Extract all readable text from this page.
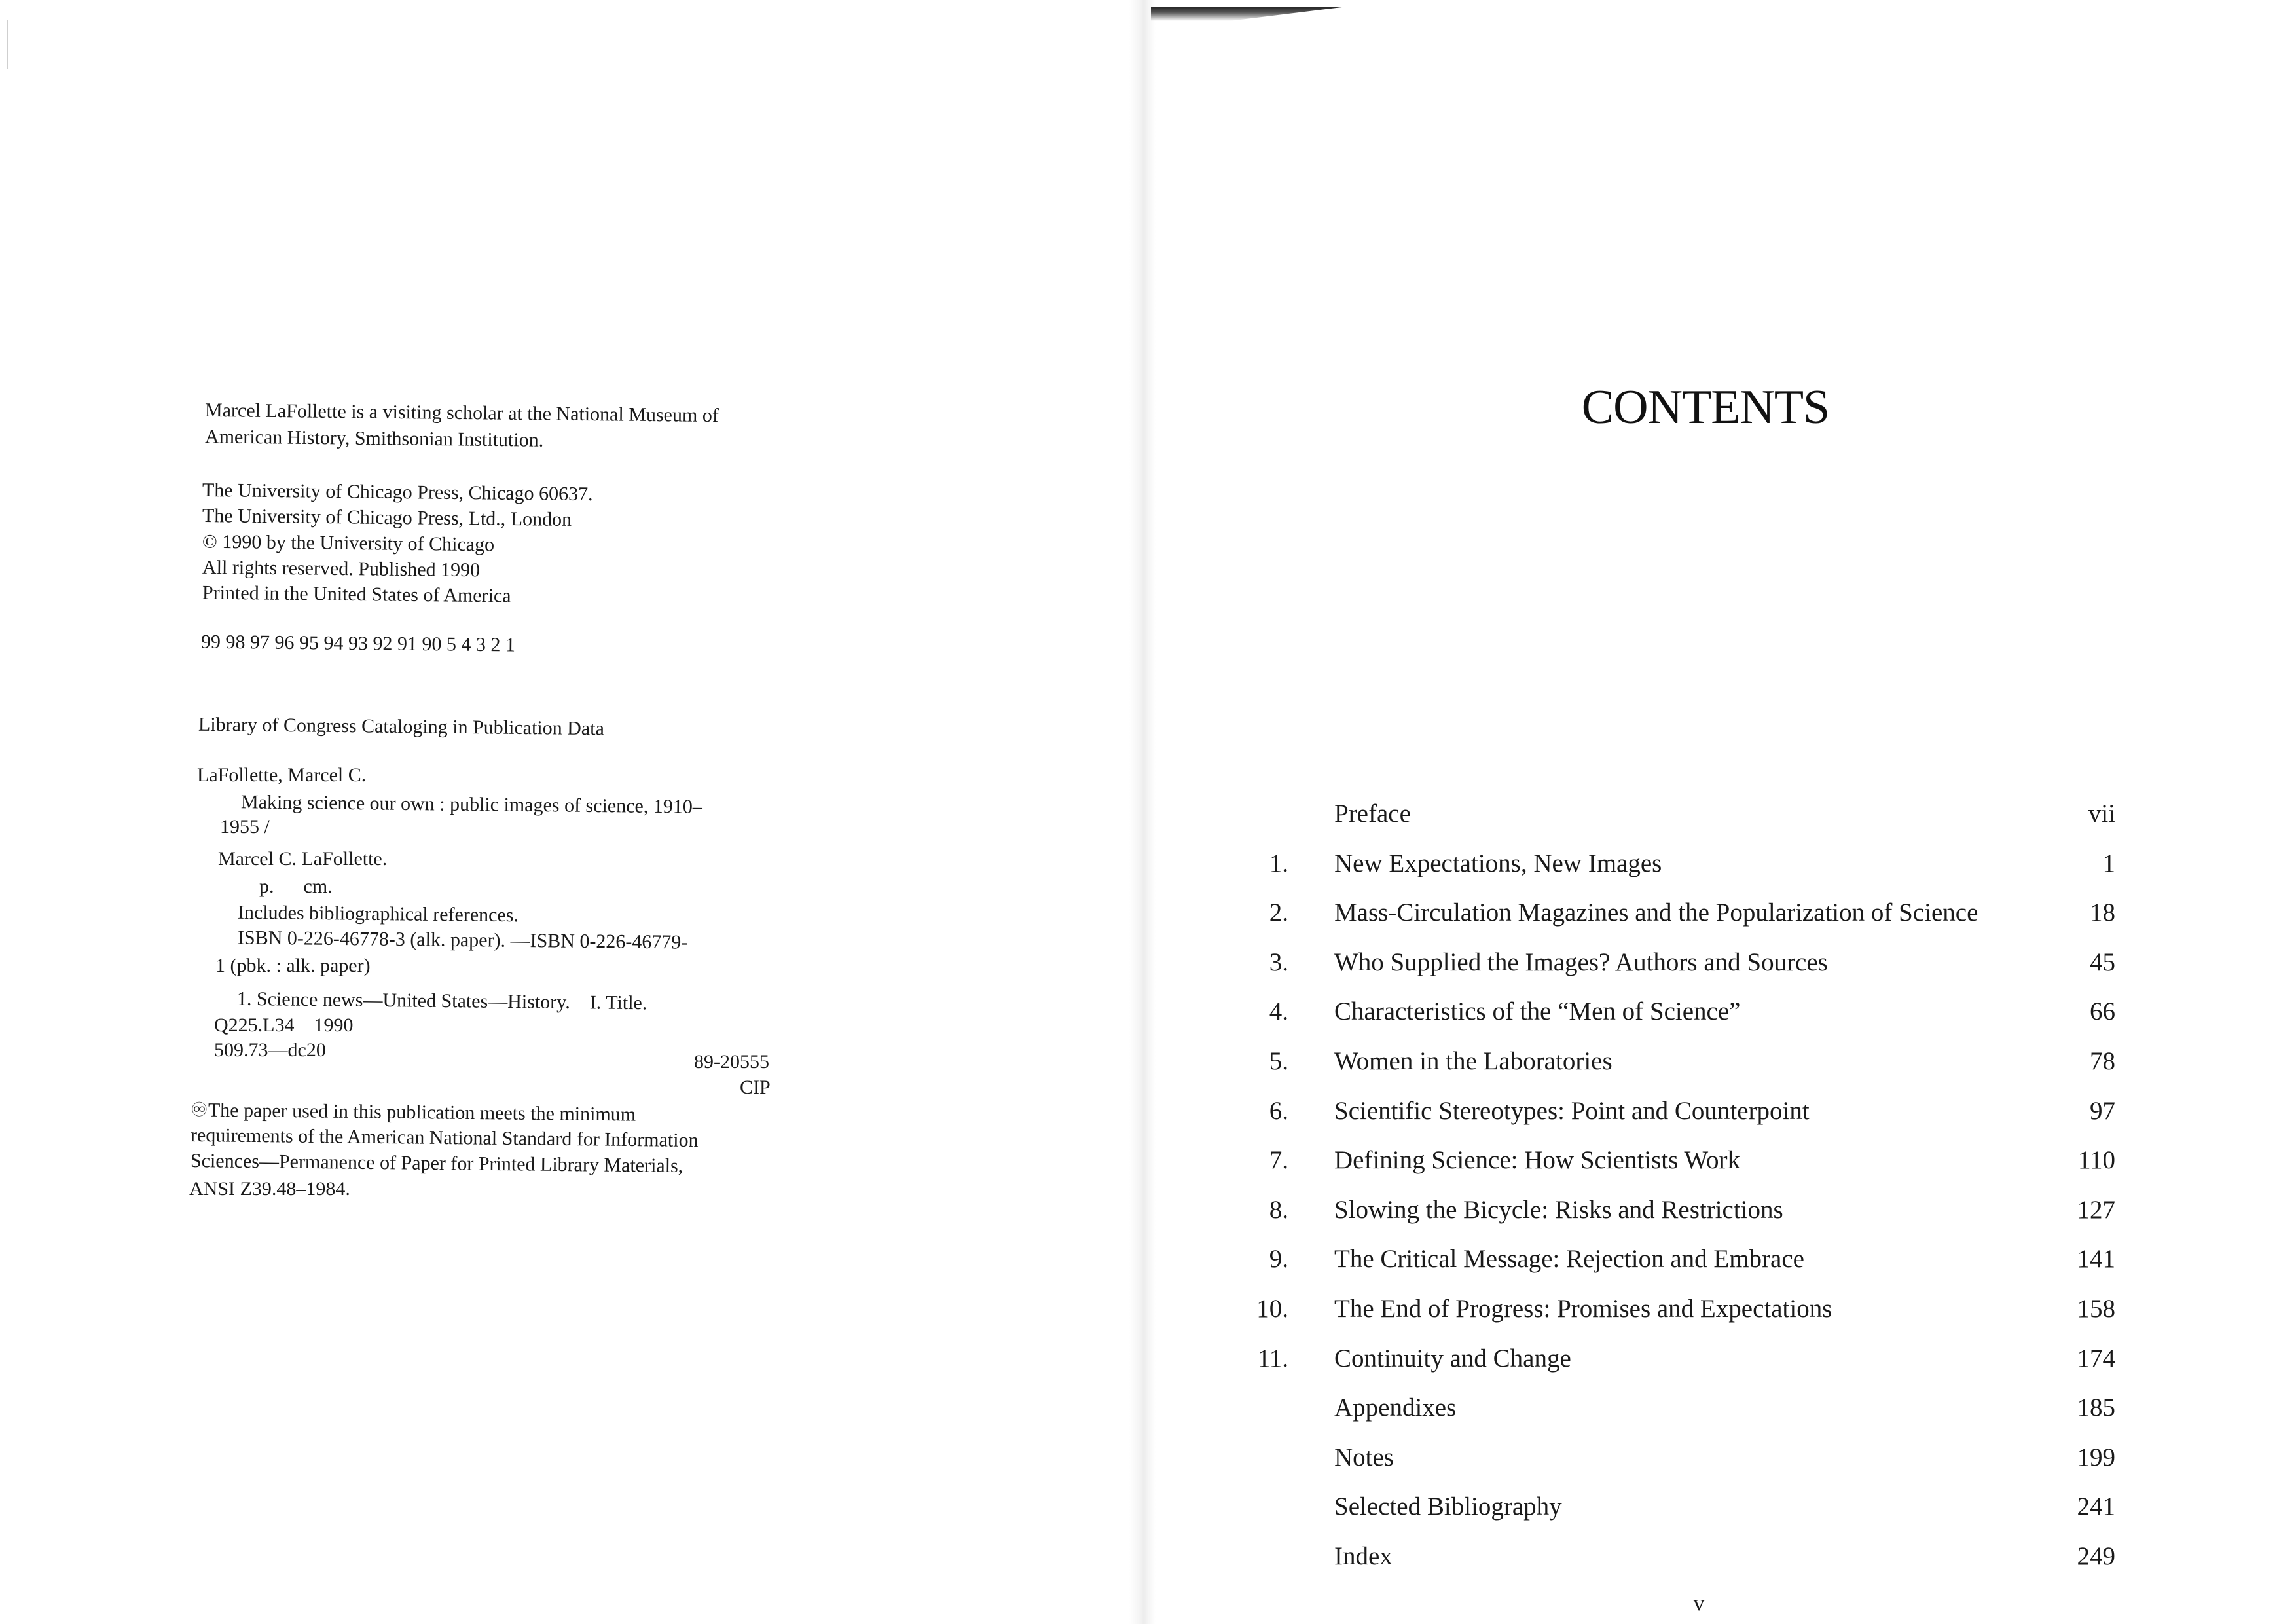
Marcel LaFollette is a visiting scholar at the National Museum of
American History, Smithsonian Institution.
The University of Chicago Press, Chicago 60637.
The University of Chicago Press, Ltd., London
© 1990 by the University of Chicago
All rights reserved. Published 1990
Printed in the United States of America
99 98 97 96 95 94 93 92 91 90 5 4 3 2 1
Library of Congress Cataloging in Publication Data
LaFollette, Marcel C.
Making science our own : public images of science, 1910–
1955 /
Marcel C. LaFollette.
p.      cm.
Includes bibliographical references.
ISBN 0-226-46778-3 (alk. paper). —ISBN 0-226-46779-
1 (pbk. : alk. paper)
1. Science news—United States—History.    I. Title.
Q225.L34    1990
509.73—dc20
89-20555
CIP
♾The paper used in this publication meets the minimum
requirements of the American National Standard for Information
Sciences—Permanence of Paper for Printed Library Materials,
ANSI Z39.48–1984.
CONTENTS
Preface	vii
1. New Expectations, New Images	1
2. Mass-Circulation Magazines and the Popularization of Science	18
3. Who Supplied the Images? Authors and Sources	45
4. Characteristics of the “Men of Science”	66
5. Women in the Laboratories	78
6. Scientific Stereotypes: Point and Counterpoint	97
7. Defining Science: How Scientists Work	110
8. Slowing the Bicycle: Risks and Restrictions	127
9. The Critical Message: Rejection and Embrace	141
10. The End of Progress: Promises and Expectations	158
11. Continuity and Change	174
Appendixes	185
Notes	199
Selected Bibliography	241
Index	249
v
